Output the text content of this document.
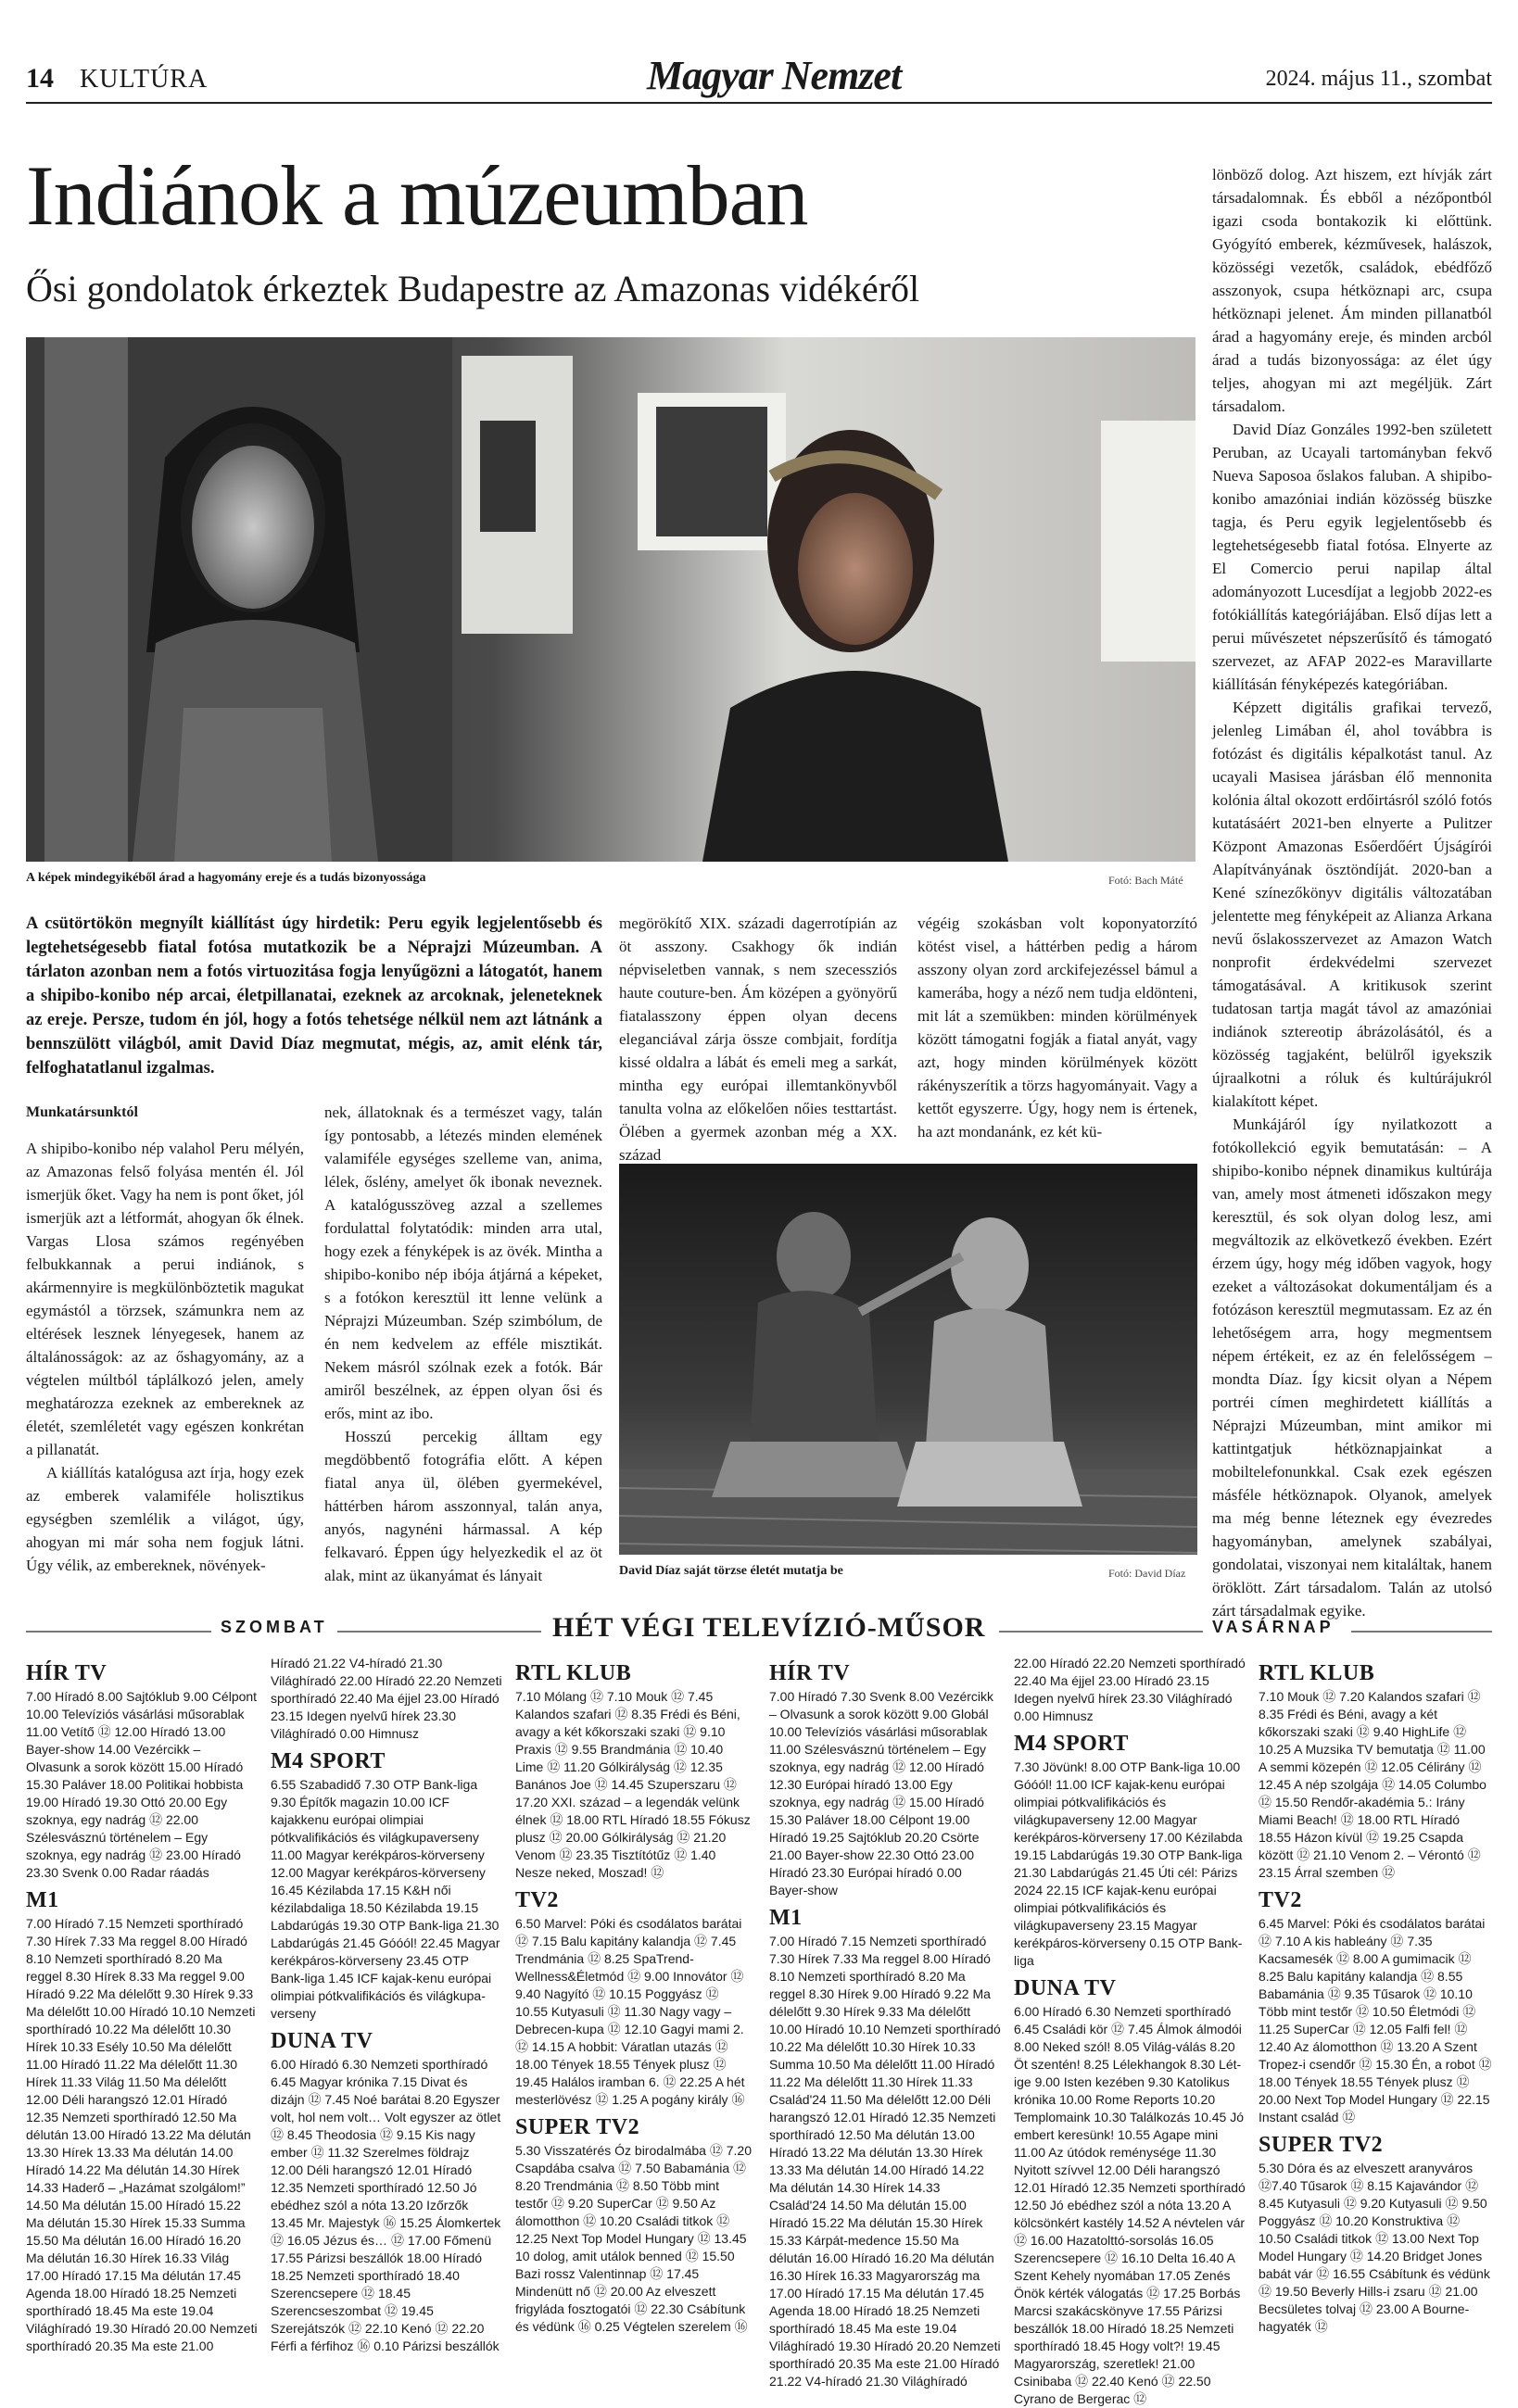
14 KULTÚRA	Magyar Nemzet	2024. május 11., szombat
Indiánok a múzeumban
Ősi gondolatok érkeztek Budapestre az Amazonas vidékéről
A képek mindegyikéből árad a hagyomány ereje és a tudás bizonyossága	Fotó: Bach Máté
A csütörtökön megnyílt kiállítást úgy hirdetik: Peru egyik legjelentősebb és legtehetségesebb fiatal fotósa mutatkozik be a Néprajzi Múzeumban. A tárlaton azonban nem a fotós virtuozitása fogja lenyűgözni a látogatót, hanem a shipibo-konibo nép arcai, életpillanatai, ezeknek az arcoknak, jeleneteknek az ereje. Persze, tudom én jól, hogy a fotós tehetsége nélkül nem azt látnánk a bennszülött világból, amit David Díaz megmutat, mégis, az, amit elénk tár, felfoghatatlanul izgalmas.

Munkatársunktól

A shipibo-konibo nép valahol Peru mélyén, az Amazonas felső folyása mentén él. Jól ismerjük őket. Vagy ha nem is pont őket, jól ismerjük azt a létformát, ahogyan ők élnek. Vargas Llosa számos regényében felbukkannak a perui indiánok, s akármennyire is megkülönböztetik magukat egymástól a törzsek, számunkra nem az eltérések lesznek lényegesek, hanem az általánosságok: az az őshagyomány, az a végtelen múltból táplálkozó jelen, amely meghatározza ezeknek az embereknek az életét, szemléletét vagy egészen konkrétan a pillanatát.

A kiállítás katalógusa azt írja, hogy ezek az emberek valamiféle holisztikus egységben szemlélik a világot, úgy, ahogyan mi már soha nem fogjuk látni. Úgy vélik, az embereknek, növények-

nek, állatoknak és a természet vagy, talán így pontosabb, a létezés minden elemének valamiféle egységes szellemе van, anima, lélek, őslény, amelyet ők ibonak neveznek. A katalógusszöveg azzal a szellemes fordulattal folytatódik: minden arra utal, hogy ezek a fényképek is az övék. Mintha a shipibo-konibo nép ibója átjárná a képeket, s a fotókon keresztül itt lenne velünk a Néprajzi Múzeumban. Szép szimbólum, de én nem kedvelem az efféle misztikát. Nekem másról szólnak ezek a fotók. Bár amiről beszélnek, az éppen olyan ősi és erős, mint az ibo.

Hosszú percekig álltam egy megdöbbentő fotográfia előtt. A képen fiatal anya ül, ölében gyermekével, háttérben három asszonnyal, talán anya, anyós, nagynéni hármassal. A kép felkavaró. Éppen úgy helyezkedik el az öt alak, mint az ükanyámat és lányait

megörökítő XIX. századi dagerrotípián az öt asszony. Csakhogy ők indián népviseletben vannak, s nem szecessziós haute couture-ben. Ám középen a gyönyörű fiatalasszony éppen olyan decens eleganciával zárja össze combjait, fordítja kissé oldalra a lábát és emeli meg a sarkát, mintha egy európai illemtankönyvből tanulta volna az előkelően nőies testtartást. Ölében a gyermek azonban még a XX. század

végéig szokásban volt koponyatorzító kötést visel, a háttérben pedig a három asszony olyan zord arckifejezéssel bámul a kamerába, hogy a néző nem tudja eldönteni, mit lát a szemükben: minden körülmények között támogatni fogják a fiatal anyát, vagy azt, hogy minden körülmények között rákényszerítik a törzs hagyományait. Vagy a kettőt egyszerre. Úgy, hogy nem is értenek, ha azt mondanánk, ez két kü-

David Díaz saját törzse életét mutatja be	Fotó: David Díaz

lönböző dolog. Azt hiszem, ezt hívják zárt társadalomnak. És ebből a nézőpontból igazi csoda bontakozik ki előttünk. Gyógyító emberek, kézművesek, halászok, közösségi vezetők, családok, ebédfőző asszonyok, csupa hétköznapi arc, csupa hétköznapi jelenet. Ám minden pillanatból árad a hagyomány ereje, és minden arcból árad a tudás bizonyossága: az élet úgy teljes, ahogyan mi azt megéljük. Zárt társadalom.

David Díaz Gonzáles 1992-ben született Peruban, az Ucayali tartományban fekvő Nueva Saposoa őslakos faluban. A shipibo-konibo amazóniai indián közösség büszke tagja, és Peru egyik legjelentősebb és legtehetségesebb fiatal fotósa. Elnyerte az El Comercio perui napilap által adományozott Lucesdíjat a legjobb 2022-es fotókiállítás kategóriájában. Első díjas lett a perui művészetet népszerűsítő és támogató szervezet, az AFAP 2022-es Maravillarte kiállításán fényképezés kategóriában.

Képzett digitális grafikai tervező, jelenleg Limában él, ahol továbbra is fotózást és digitális képalkotást tanul. Az ucayali Masisea járásban élő mennonita kolónia által okozott erdőirtásról szóló fotós kutatásáért 2021-ben elnyerte a Pulitzer Központ Amazonas Esőerdőért Újságírói Alapítványának ösztöndíját. 2020-ban a Kené színezőkönyv digitális változatában jelentette meg fényképeit az Alianza Arkana nevű őslakosszervezet az Amazon Watch nonprofit érdekvédelmi szervezet támogatásával. A kritikusok szerint tudatosan tartja magát távol az amazóniai indiánok sztereotip ábrázolásától, és a közösség tagjaként, belülről igyekszik újraalkotni a róluk és kultúrájukról kialakított képet.

Munkájáról így nyilatkozott a fotókollekció egyik bemutatásán: – A shipibo-konibo népnek dinamikus kultúrája van, amely most átmeneti időszakon megy keresztül, és sok olyan dolog lesz, ami megváltozik az elkövetkező években. Ezért érzem úgy, hogy még időben vagyok, hogy ezeket a változásokat dokumentáljam és a fotózáson keresztül megmutassam. Ez az én lehetőségem arra, hogy megmentsem népem értékeit, ez az én felelősségem – mondta Díaz. Így kicsit olyan a Népem portréi címen meghirdetett kiállítás a Néprajzi Múzeumban, mint amikor mi kattintgatjuk hétköznapjainkat a mobiltelefonunkkal. Csak ezek egészen másféle hétköznapok. Olyanok, amelyek ma még benne léteznek egy évezredes hagyományban, amelynek szabályai, gondolatai, viszonyai nem kitaláltak, hanem öröklött. Zárt társadalom. Talán az utolsó zárt társadalmak egyike.

SZOMBAT	HÉT VÉGI TELEVÍZIÓ-MŰSOR	VASÁRNAP
HÍR TV

7.00 Híradó 8.00 Sajtóklub 9.00 Célpont 10.00 Televíziós vásárlási műsorablak 11.00 Vetítő ⑫ 12.00 Híradó 13.00 Bayer-show 14.00 Vezércikk – Olvasunk a sorok között 15.00 Híradó 15.30 Paláver 18.00 Politikai hobbista 19.00 Híradó 19.30 Ottó 20.00 Egy szoknya, egy nadrág ⑫ 22.00 Szélesvásznú történelem – Egy szoknya, egy nadrág ⑫ 23.00 Híradó 23.30 Svenk 0.00 Radar ráadás

M1

7.00 Híradó 7.15 Nemzeti sporthíradó 7.30 Hírek 7.33 Ma reggel 8.00 Híradó 8.10 Nemzeti sporthíradó 8.20 Ma reggel 8.30 Hírek 8.33 Ma reggel 9.00 Híradó 9.22 Ma délelőtt 9.30 Hírek 9.33 Ma délelőtt 10.00 Híradó 10.10 Nemzeti sporthíradó 10.22 Ma délelőtt 10.30 Hírek 10.33 Esély 10.50 Ma délelőtt 11.00 Híradó 11.22 Ma délelőtt 11.30 Hírek 11.33 Világ 11.50 Ma délelőtt 12.00 Déli harangszó 12.01 Híradó 12.35 Nemzeti sporthíradó 12.50 Ma délután 13.00 Híradó 13.22 Ma délután 13.30 Hírek 13.33 Ma délután 14.00 Híradó 14.22 Ma délután 14.30 Hírek 14.33 Haderő – „Hazámat szolgálom!” 14.50 Ma délután 15.00 Híradó 15.22 Ma délután 15.30 Hírek 15.33 Summa 15.50 Ma délután 16.00 Híradó 16.20 Ma délután 16.30 Hírek 16.33 Világ 17.00 Híradó 17.15 Ma délután 17.45 Agenda 18.00 Híradó 18.25 Nemzeti sporthíradó 18.45 Ma este 19.04 Világhíradó 19.30 Híradó 20.00 Nemzeti sporthíradó 20.35 Ma este 21.00

Híradó 21.22 V4-híradó 21.30 Világhíradó 22.00 Híradó 22.20 Nemzeti sporthíradó 22.40 Ma éjjel 23.00 Híradó 23.15 Idegen nyelvű hírek 23.30 Világhíradó 0.00 Himnusz

M4 SPORT

6.55 Szabadidő 7.30 OTP Bank-liga 9.30 Építők magazin 10.00 ICF kajakkenu európai olimpiai pótkvalifikációs és világkupaverseny 11.00 Magyar kerékpáros-körverseny 12.00 Magyar kerékpáros-körverseny 16.45 Kézilabda 17.15 K&H női kézilabdaliga 18.50 Kézilabda 19.15 Labdarúgás 19.30 OTP Bank-liga 21.30 Labdarúgás 21.45 Góóól! 22.45 Magyar kerékpáros-körverseny 23.45 OTP Bank-liga 1.45 ICF kajak-kenu európai olimpiai pótkvalifikációs és világkupa-verseny

DUNA TV

6.00 Híradó 6.30 Nemzeti sporthíradó 6.45 Magyar krónika 7.15 Divat és dizájn ⑫ 7.45 Noé barátai 8.20 Egyszer volt, hol nem volt… Volt egyszer az ötlet ⑫ 8.45 Theodosia ⑫ 9.15 Kis nagy ember ⑫ 11.32 Szerelmes földrajz 12.00 Déli harangszó 12.01 Híradó 12.35 Nemzeti sporthíradó 12.50 Jó ebédhez szól a nóta 13.20 Izőrzők 13.45 Mr. Majestyk ⑯ 15.25 Álomkertek ⑫ 16.05 Jézus és… ⑫ 17.00 Főmenü 17.55 Párizsi beszállók 18.00 Híradó 18.25 Nemzeti sporthíradó 18.40 Szerencsepere ⑫ 18.45 Szerencseszombat ⑫ 19.45 Szerejátszók ⑫ 22.10 Kenó ⑫ 22.20 Férfi a férfihoz ⑯ 0.10 Párizsi beszállók

RTL KLUB

7.10 Mólang ⑫ 7.10 Mouk ⑫ 7.45 Kalandos szafari ⑫ 8.35 Frédi és Béni, avagy a két kőkorszaki szaki ⑫ 9.10 Praxis ⑫ 9.55 Brandmánia ⑫ 10.40 Lime ⑫ 11.20 Gólkirályság ⑫ 12.35 Banános Joe ⑫ 14.45 Szuperszaru ⑫ 17.20 XXI. század – a legendák velünk élnek ⑫ 18.00 RTL Híradó 18.55 Fókusz plusz ⑫ 20.00 Gólkirályság ⑫ 21.20 Venom ⑫ 23.35 Tisztítótűz ⑫ 1.40 Nesze neked, Moszad! ⑫

TV2

6.50 Marvel: Póki és csodálatos barátai ⑫ 7.15 Balu kapitány kalandja ⑫ 7.45 Trendmánia ⑫ 8.25 SpaTrend-Wellness&Életmód ⑫ 9.00 Innovátor ⑫ 9.40 Nagyító ⑫ 10.15 Poggyász ⑫ 10.55 Kutyasuli ⑫ 11.30 Nagy vagy – Debrecen-kupa ⑫ 12.10 Gagyi mami 2. ⑫ 14.15 A hobbit: Váratlan utazás ⑫ 18.00 Tények 18.55 Tények plusz ⑫ 19.45 Halálos iramban 6. ⑫ 22.25 A hét mesterlövész ⑫ 1.25 A pogány király ⑯

SUPER TV2

5.30 Visszatérés Óz birodalmába ⑫ 7.20 Csapdába csalva ⑫ 7.50 Babamánia ⑫ 8.20 Trendmánia ⑫ 8.50 Több mint testőr ⑫ 9.20 SuperCar ⑫ 9.50 Az álomotthon ⑫ 10.20 Családi titkok ⑫ 12.25 Next Top Model Hungary ⑫ 13.45 10 dolog, amit utálok benned ⑫ 15.50 Bazi rossz Valentinnap ⑫ 17.45 Mindenütt nő ⑫ 20.00 Az elveszett frigyláda fosztogatói ⑫ 22.30 Csábítunk és védünk ⑯ 0.25 Végtelen szerelem ⑯

HÍR TV

7.00 Híradó 7.30 Svenk 8.00 Vezércikk – Olvasunk a sorok között 9.00 Globál 10.00 Televíziós vásárlási műsorablak 11.00 Szélesvásznú történelem – Egy szoknya, egy nadrág ⑫ 12.00 Híradó 12.30 Európai híradó 13.00 Egy szoknya, egy nadrág ⑫ 15.00 Híradó 15.30 Paláver 18.00 Célpont 19.00 Híradó 19.25 Sajtóklub 20.20 Csörte 21.00 Bayer-show 22.30 Ottó 23.00 Híradó 23.30 Európai híradó 0.00 Bayer-show

M1

7.00 Híradó 7.15 Nemzeti sporthíradó 7.30 Hírek 7.33 Ma reggel 8.00 Híradó 8.10 Nemzeti sporthíradó 8.20 Ma reggel 8.30 Hírek 9.00 Híradó 9.22 Ma délelőtt 9.30 Hírek 9.33 Ma délelőtt 10.00 Híradó 10.10 Nemzeti sporthíradó 10.22 Ma délelőtt 10.30 Hírek 10.33 Summa 10.50 Ma délelőtt 11.00 Híradó 11.22 Ma délelőtt 11.30 Hírek 11.33 Család'24 11.50 Ma délelőtt 12.00 Déli harangszó 12.01 Híradó 12.35 Nemzeti sporthíradó 12.50 Ma délután 13.00 Híradó 13.22 Ma délután 13.30 Hírek 13.33 Ma délután 14.00 Híradó 14.22 Ma délután 14.30 Hírek 14.33 Család'24 14.50 Ma délután 15.00 Híradó 15.22 Ma délután 15.30 Hírek 15.33 Kárpát-medence 15.50 Ma délután 16.00 Híradó 16.20 Ma délután 16.30 Hírek 16.33 Magyarország ma 17.00 Híradó 17.15 Ma délután 17.45 Agenda 18.00 Híradó 18.25 Nemzeti sporthíradó 18.45 Ma este 19.04 Világhíradó 19.30 Híradó 20.20 Nemzeti sporthíradó 20.35 Ma este 21.00 Híradó 21.22 V4-híradó 21.30 Világhíradó

22.00 Híradó 22.20 Nemzeti sporthíradó 22.40 Ma éjjel 23.00 Híradó 23.15 Idegen nyelvű hírek 23.30 Világhíradó 0.00 Himnusz

M4 SPORT

7.30 Jövünk! 8.00 OTP Bank-liga 10.00 Góóól! 11.00 ICF kajak-kenu európai olimpiai pótkvalifikációs és világkupaverseny 12.00 Magyar kerékpáros-körverseny 17.00 Kézilabda 19.15 Labdarúgás 19.30 OTP Bank-liga 21.30 Labdarúgás 21.45 Úti cél: Párizs 2024 22.15 ICF kajak-kenu európai olimpiai pótkvalifikációs és világkupaverseny 23.15 Magyar kerékpáros-körverseny 0.15 OTP Bank-liga

DUNA TV

6.00 Híradó 6.30 Nemzeti sporthíradó 6.45 Családi kör ⑫ 7.45 Álmok álmodói 8.00 Neked szól! 8.05 Világ-válás 8.20 Öt szentén! 8.25 Lélekhangok 8.30 Lét-ige 9.00 Isten kezében 9.30 Katolikus krónika 10.00 Rome Reports 10.20 Templomaink 10.30 Találkozás 10.45 Jó embert keresünk! 10.55 Agape mini 11.00 Az útódok reménysége 11.30 Nyitott szívvel 12.00 Déli harangszó 12.01 Híradó 12.35 Nemzeti sporthíradó 12.50 Jó ebédhez szól a nóta 13.20 A kölcsönkért kastély 14.52 A névtelen vár ⑫ 16.00 Hazatolttó-sorsolás 16.05 Szerencsepere ⑫ 16.10 Delta 16.40 A Szent Kehely nyomában 17.05 Zenés Önök kérték válogatás ⑫ 17.25 Borbás Marcsi szakácskönyve 17.55 Párizsi beszállók 18.00 Híradó 18.25 Nemzeti sporthíradó 18.45 Hogy volt?! 19.45 Magyarország, szeretlek! 21.00 Csinibaba ⑫ 22.40 Kenó ⑫ 22.50 Cyrano de Bergerac ⑫

RTL KLUB

7.10 Mouk ⑫ 7.20 Kalandos szafari ⑫ 8.35 Frédi és Béni, avagy a két kőkorszaki szaki ⑫ 9.40 HighLife ⑫ 10.25 A Muzsika TV bemutatja ⑫ 11.00 A semmi közepén ⑫ 12.05 Célirány ⑫ 12.45 A nép szolgája ⑫ 14.05 Columbo ⑫ 15.50 Rendőr-akadémia 5.: Irány Miami Beach! ⑫ 18.00 RTL Híradó 18.55 Házon kívül ⑫ 19.25 Csapda között ⑫ 21.10 Venom 2. – Vérontó ⑫ 23.15 Árral szemben ⑫

TV2

6.45 Marvel: Póki és csodálatos barátai ⑫ 7.10 A kis hableány ⑫ 7.35 Kacsamesék ⑫ 8.00 A gumimacik ⑫ 8.25 Balu kapitány kalandja ⑫ 8.55 Babamánia ⑫ 9.35 Tűsarok ⑫ 10.10 Több mint testőr ⑫ 10.50 Életmódi ⑫ 11.25 SuperCar ⑫ 12.05 Falfi fel! ⑫ 12.40 Az álomotthon ⑫ 13.20 A Szent Tropez-i csendőr ⑫ 15.30 Én, a robot ⑫ 18.00 Tények 18.55 Tények plusz ⑫ 20.00 Next Top Model Hungary ⑫ 22.15 Instant család ⑫

SUPER TV2

5.30 Dóra és az elveszett aranyváros ⑫7.40 Tűsarok ⑫ 8.15 Kajavándor ⑫ 8.45 Kutyasuli ⑫ 9.20 Kutyasuli ⑫ 9.50 Poggyász ⑫ 10.20 Konstruktiva ⑫ 10.50 Családi titkok ⑫ 13.00 Next Top Model Hungary ⑫ 14.20 Bridget Jones babát vár ⑫ 16.55 Csábítunk és védünk ⑫ 19.50 Beverly Hills-i zsaru ⑫ 21.00 Becsületes tolvaj ⑫ 23.00 A Bourne-hagyaték ⑫
